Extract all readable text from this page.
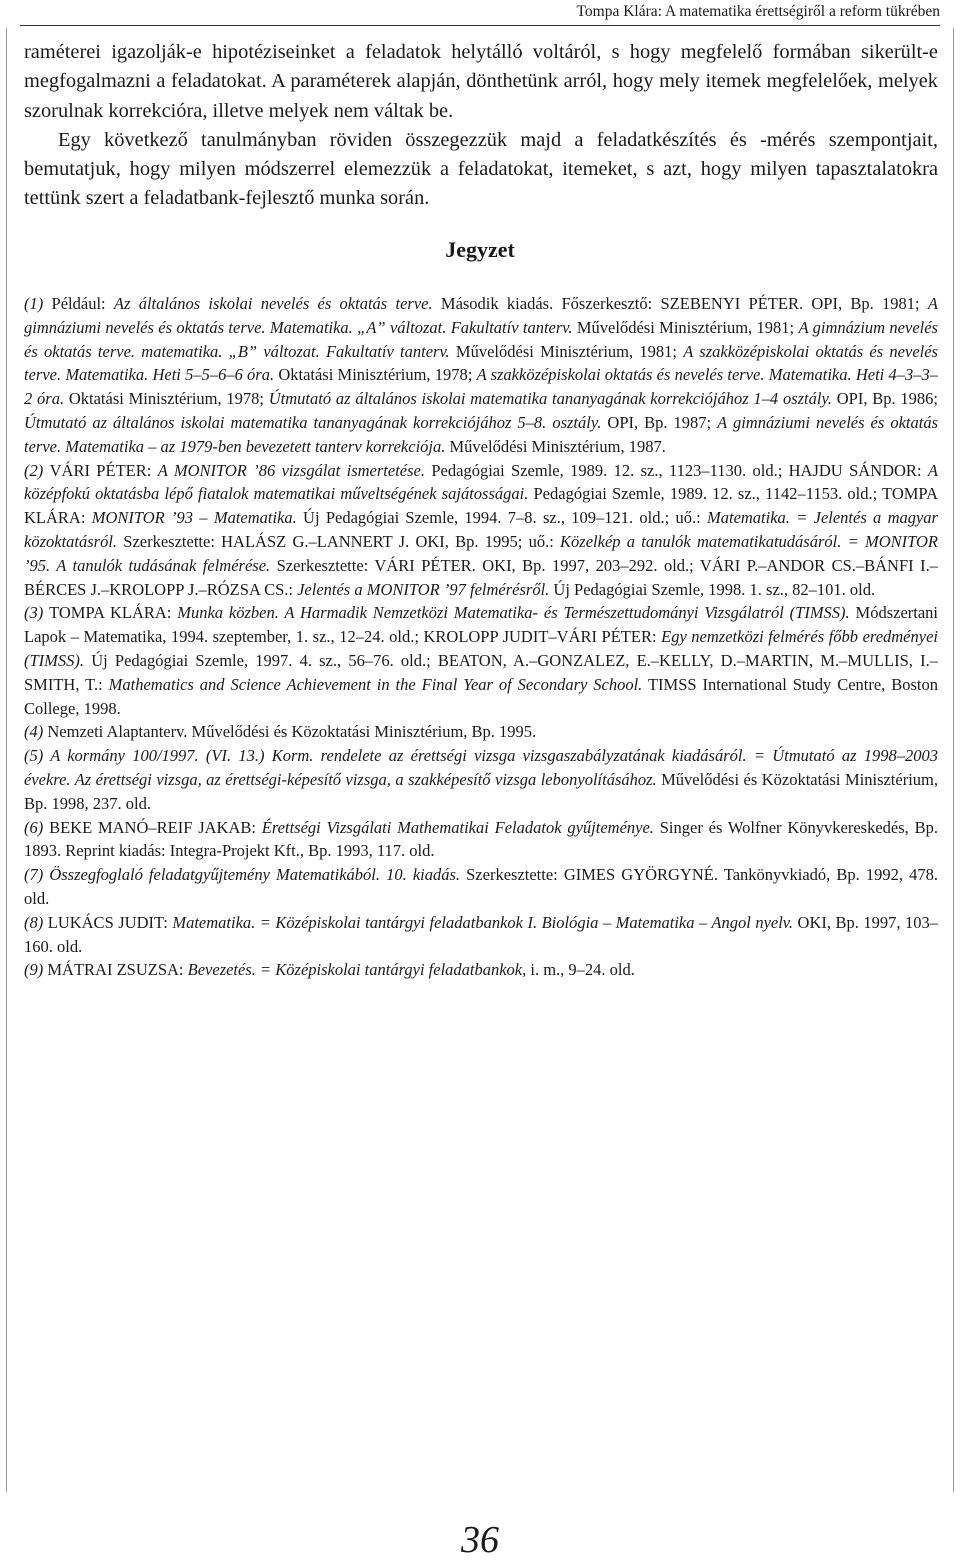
Tompa Klára: A matematika érettségiről a reform tükrében

raméterei igazolják-e hipotéziseinket a feladatok helytálló voltáról, s hogy megfelelő formában sikerült-e megfogalmazni a feladatokat. A paraméterek alapján, dönthetünk arról, hogy mely itemek megfelelőek, melyek szorulnak korrekcióra, illetve melyek nem váltak be.

Egy következő tanulmányban röviden összegezzük majd a feladatkészítés és -mérés szempontjait, bemutatjuk, hogy milyen módszerrel elemezzük a feladatokat, itemeket, s azt, hogy milyen tapasztalatokra tettünk szert a feladatbank-fejlesztő munka során.

Jegyzet

(1) Például: Az általános iskolai nevelés és oktatás terve. Második kiadás. Főszerkesztő: SZEBENYI PÉTER. OPI, Bp. 1981; A gimnáziumi nevelés és oktatás terve. Matematika. „A” változat. Fakultatív tanterv. Művelődési Minisztérium, 1981; A gimnázium nevelés és oktatás terve. matematika. „B” változat. Fakultatív tanterv. Művelődési Minisztérium, 1981; A szakközépiskolai oktatás és nevelés terve. Matematika. Heti 5–5–6–6 óra. Oktatási Minisztérium, 1978; A szakközépiskolai oktatás és nevelés terve. Matematika. Heti 4–3–3–2 óra. Oktatási Minisztérium, 1978; Útmutató az általános iskolai matematika tananyagának korrekciójához 1–4 osztály. OPI, Bp. 1986; Útmutató az általános iskolai matematika tananyagának korrekciójához 5–8. osztály. OPI, Bp. 1987; A gimnáziumi nevelés és oktatás terve. Matematika – az 1979-ben bevezetett tanterv korrekciója. Művelődési Minisztérium, 1987.

(2) VÁRI PÉTER: A MONITOR ’86 vizsgálat ismertetése. Pedagógiai Szemle, 1989. 12. sz., 1123–1130. old.; HAJDU SÁNDOR: A középfokú oktatásba lépő fiatalok matematikai műveltségének sajátosságai. Pedagógiai Szemle, 1989. 12. sz., 1142–1153. old.; TOMPA KLÁRA: MONITOR ’93 – Matematika. Új Pedagógiai Szemle, 1994. 7–8. sz., 109–121. old.; uő.: Matematika. = Jelentés a magyar közoktatásról. Szerkesztette: HALÁSZ G.–LANNERT J. OKI, Bp. 1995; uő.: Közelkép a tanulók matematikatudásáról. = MONITOR ’95. A tanulók tudásának felmérése. Szerkesztette: VÁRI PÉTER. OKI, Bp. 1997, 203–292. old.; VÁRI P.–ANDOR CS.–BÁNFI I.–BÉRCES J.–KROLOPP J.–RÓZSA CS.: Jelentés a MONITOR ’97 felmérésről. Új Pedagógiai Szemle, 1998. 1. sz., 82–101. old.

(3) TOMPA KLÁRA: Munka közben. A Harmadik Nemzetközi Matematika- és Természettudományi Vizsgálatról (TIMSS). Módszertani Lapok – Matematika, 1994. szeptember, 1. sz., 12–24. old.; KROLOPP JUDIT–VÁRI PÉTER: Egy nemzetközi felmérés főbb eredményei (TIMSS). Új Pedagógiai Szemle, 1997. 4. sz., 56–76. old.; BEATON, A.–GONZALEZ, E.–KELLY, D.–MARTIN, M.–MULLIS, I.–SMITH, T.: Mathematics and Science Achievement in the Final Year of Secondary School. TIMSS International Study Centre, Boston College, 1998.

(4) Nemzeti Alaptanterv. Művelődési és Közoktatási Minisztérium, Bp. 1995.

(5) A kormány 100/1997. (VI. 13.) Korm. rendelete az érettségi vizsga vizsgaszabályzatának kiadásáról. = Útmutató az 1998–2003 évekre. Az érettségi vizsga, az érettségi-képesítő vizsga, a szakképesítő vizsga lebonyolításához. Művelődési és Közoktatási Minisztérium, Bp. 1998, 237. old.

(6) BEKE MANÓ–REIF JAKAB: Érettségi Vizsgálati Mathematikai Feladatok gyűjteménye. Singer és Wolfner Könyvkereskedés, Bp. 1893. Reprint kiadás: Integra-Projekt Kft., Bp. 1993, 117. old.

(7) Összegfoglaló feladatgyűjtemény Matematikából. 10. kiadás. Szerkesztette: GIMES GYÖRGYNÉ. Tankönyvkiadó, Bp. 1992, 478. old.

(8) LUKÁCS JUDIT: Matematika. = Középiskolai tantárgyi feladatbankok I. Biológia – Matematika – Angol nyelv. OKI, Bp. 1997, 103–160. old.

(9) MÁTRAI ZSUZSA: Bevezetés. = Középiskolai tantárgyi feladatbankok, i. m., 9–24. old.

36
